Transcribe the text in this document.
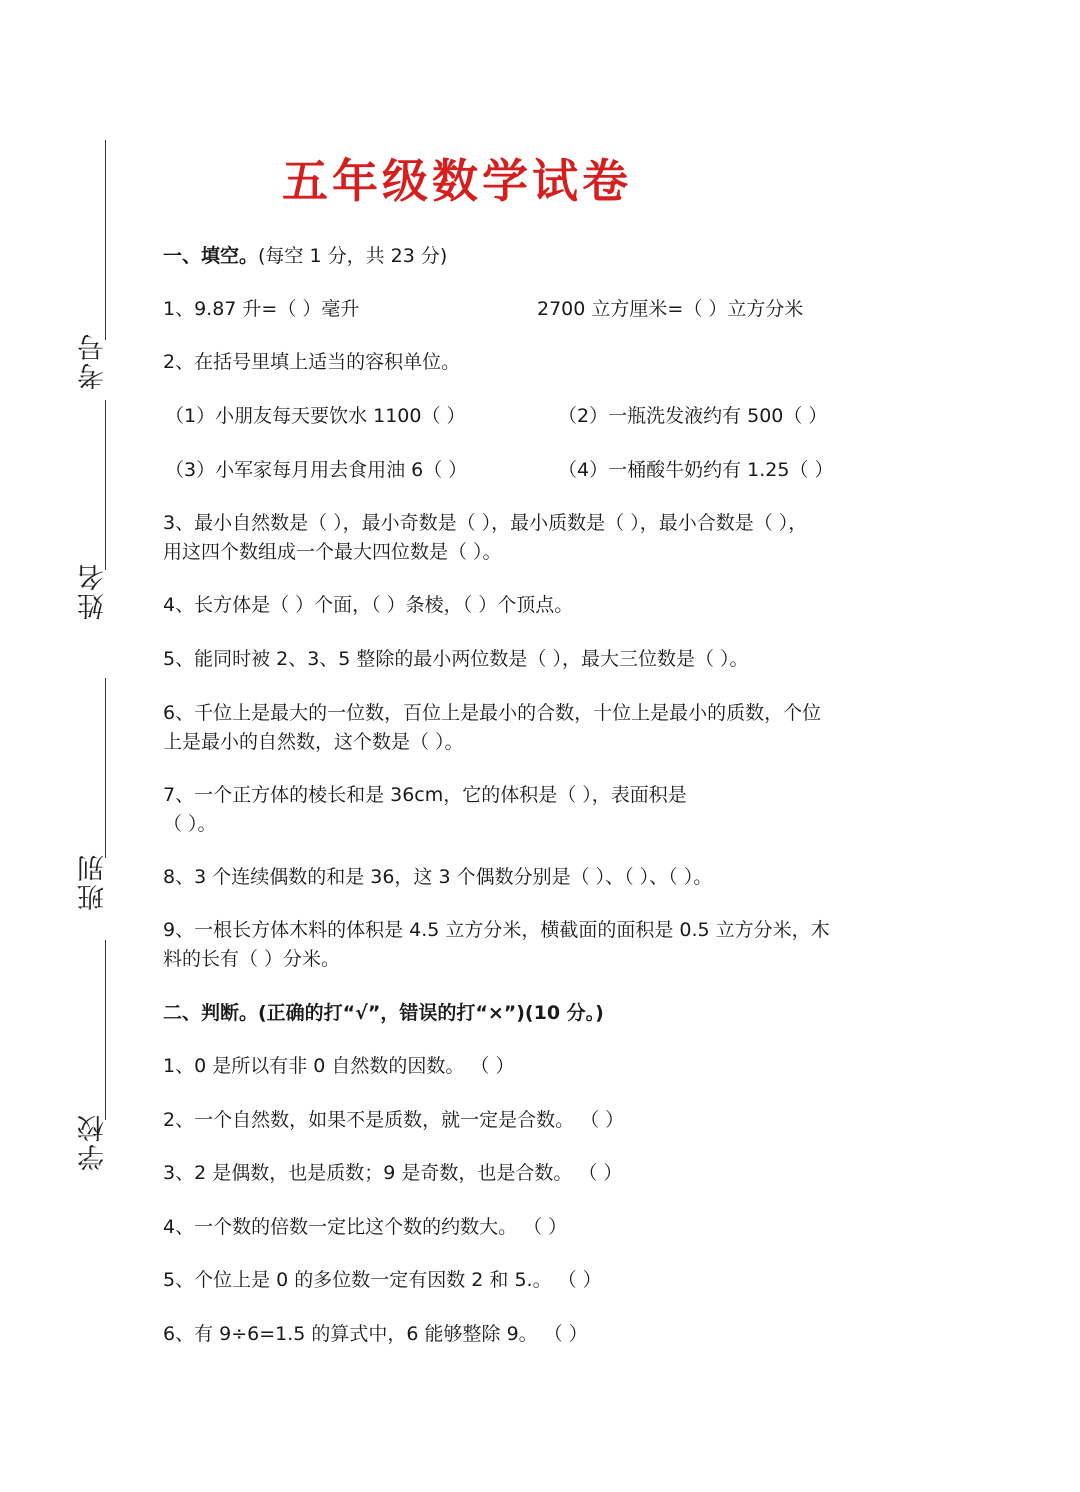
考号
姓名
班别
学校
五年级数学试卷
一、填空。(每空 1 分，共 23 分)
1、9.87 升=（ ）毫升	2700 立方厘米=（ ）立方分米
2、在括号里填上适当的容积单位。
（1）小朋友每天要饮水 1100（ ）	（2）一瓶洗发液约有 500（ ）
（3）小军家每月用去食用油 6（ ）	（4）一桶酸牛奶约有 1.25（ ）
3、最小自然数是（ ），最小奇数是（ ），最小质数是（ ），最小合数是（ ），
用这四个数组成一个最大四位数是（ ）。
4、长方体是（ ）个面，（ ）条棱，（ ）个顶点。
5、能同时被 2、3、5 整除的最小两位数是（ ），最大三位数是（ ）。
6、千位上是最大的一位数，百位上是最小的合数，十位上是最小的质数，个位
上是最小的自然数，这个数是（ ）。
7、一个正方体的棱长和是 36cm，它的体积是（ ），表面积是
（ ）。
8、3 个连续偶数的和是 36，这 3 个偶数分别是（ ）、（ ）、（ ）。
9、一根长方体木料的体积是 4.5 立方分米，横截面的面积是 0.5 立方分米，木
料的长有（ ）分米。
二、判断。(正确的打“√”，错误的打“×”)(10 分。)
1、0 是所以有非 0 自然数的因数。 （ ）
2、一个自然数，如果不是质数，就一定是合数。 （ ）
3、2 是偶数，也是质数；9 是奇数，也是合数。 （ ）
4、一个数的倍数一定比这个数的约数大。 （ ）
5、个位上是 0 的多位数一定有因数 2 和 5.。 （ ）
6、有 9÷6=1.5 的算式中，6 能够整除 9。 （ ）
